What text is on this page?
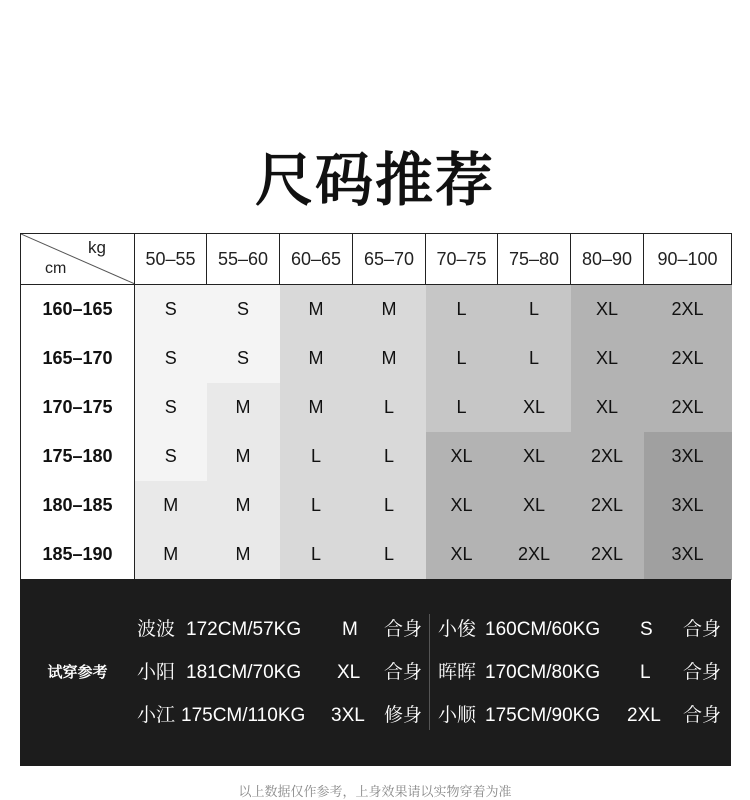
尺码推荐
kg
cm	50–55	55–60	60–65	65–70	70–75	75–80	80–90	90–100
160–165	S	S	M	M	L	L	XL	2XL
165–170	S	S	M	M	L	L	XL	2XL
170–175	S	M	M	L	L	XL	XL	2XL
175–180	S	M	L	L	XL	XL	2XL	3XL
180–185	M	M	L	L	XL	XL	2XL	3XL
185–190	M	M	L	L	XL	2XL	2XL	3XL
试穿参考
波波 172CM/57KG M 合身
小阳 181CM/70KG XL 合身
小江 175CM/110KG 3XL 修身
小俊 160CM/60KG S 合身
晖晖 170CM/80KG L 合身
小顺 175CM/90KG 2XL 合身
以上数据仅作参考，上身效果请以实物穿着为准
